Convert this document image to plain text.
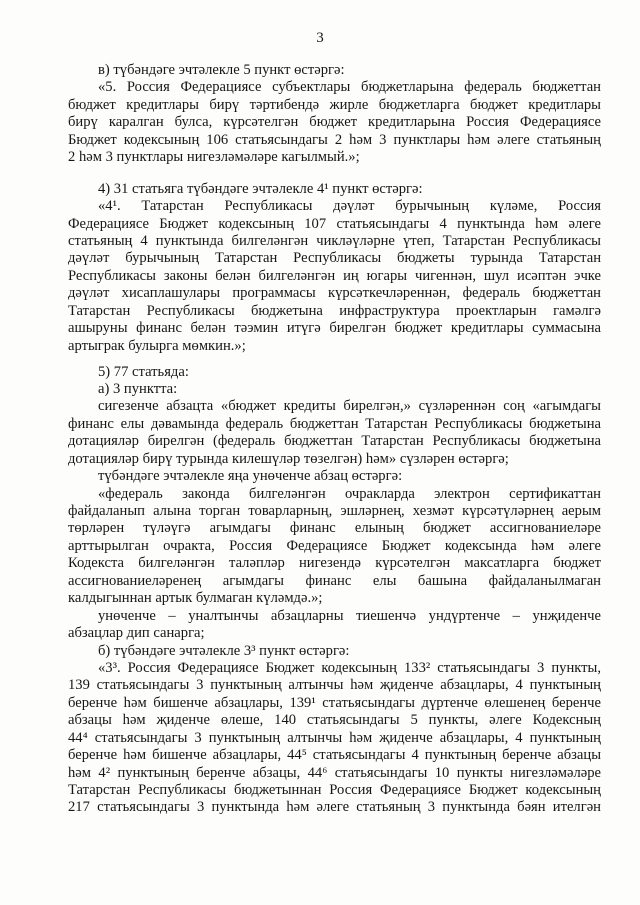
3
в) түбәндәге эчтәлекле 5 пункт өстәргә:
«5. Россия Федерациясе субъектлары бюджетларына федераль бюджеттан
бюджет кредитлары бирү тәртибендә жирле бюджетларга бюджет кредитлары
бирү каралган булса, күрсәтелгән бюджет кредитларына Россия Федерациясе
Бюджет кодексының 106 статьясындагы 2 һәм 3 пунктлары һәм әлеге статьяның
2 һәм 3 пунктлары нигезләмәләре кагылмый.»;
4) 31 статьяга түбәндәге эчтәлекле 4¹ пункт өстәргә:
«4¹. Татарстан Республикасы дәүләт бурычының күләме, Россия
Федерациясе Бюджет кодексының 107 статьясындагы 4 пунктында һәм әлеге
статьяның 4 пунктында билгеләнгән чикләүләрне үтеп, Татарстан Республикасы
дәүләт бурычының Татарстан Республикасы бюджеты турында Татарстан
Республикасы законы белән билгеләнгән иң югары чигеннән, шул исәптән эчке
дәүләт хисаплашулары программасы күрсәткечләреннән, федераль бюджеттан
Татарстан Республикасы бюджетына инфраструктура проектларын гамәлгә
ашыруны финанс белән тәэмин итүгә бирелгән бюджет кредитлары суммасына
артыграк булырга мөмкин.»;
5) 77 статьяда:
а) 3 пунктта:
сигезенче абзацта «бюджет кредиты бирелгән,» сүзләреннән соң «агымдагы
финанс елы дәвамында федераль бюджеттан Татарстан Республикасы бюджетына
дотацияләр бирелгән (федераль бюджеттан Татарстан Республикасы бюджетына
дотацияләр бирү турында килешүләр төзелгән) һәм» сүзләрен өстәргә;
түбәндәге эчтәлекле яңа унөченче абзац өстәргә:
«федераль законда билгеләнгән очракларда электрон сертификаттан
файдаланып алына торган товарларның, эшләрнең, хезмәт күрсәтүләрнең аерым
төрләрен түләүгә агымдагы финанс елының бюджет ассигнованиеләре
арттырылган очракта, Россия Федерациясе Бюджет кодексында һәм әлеге
Кодекста билгеләнгән таләпләр нигезендә күрсәтелгән максатларга бюджет
ассигнованиеләренең агымдагы финанс елы башына файдаланылмаган
калдыгыннан артык булмаган күләмдә.»;
унөченче – уналтынчы абзацларны тиешенчә ундүртенче – унҗиденче
абзацлар дип санарга;
б) түбәндәге эчтәлекле 3³ пункт өстәргә:
«3³. Россия Федерациясе Бюджет кодексының 133² статьясындагы 3 пункты,
139 статьясындагы 3 пунктының алтынчы һәм җиденче абзацлары, 4 пунктының
беренче һәм бишенче абзацлары, 139¹ статьясындагы дүртенче өлешенең беренче
абзацы һәм җиденче өлеше, 140 статьясындагы 5 пункты, әлеге Кодексның
44⁴ статьясындагы 3 пунктының алтынчы һәм җиденче абзацлары, 4 пунктының
беренче һәм бишенче абзацлары, 44⁵ статьясындагы 4 пунктының беренче абзацы
һәм 4² пунктының беренче абзацы, 44⁶ статьясындагы 10 пункты нигезләмәләре
Татарстан Республикасы бюджетыннан Россия Федерациясе Бюджет кодексының
217 статьясындагы 3 пунктында һәм әлеге статьяның 3 пунктында бәян ителгән
